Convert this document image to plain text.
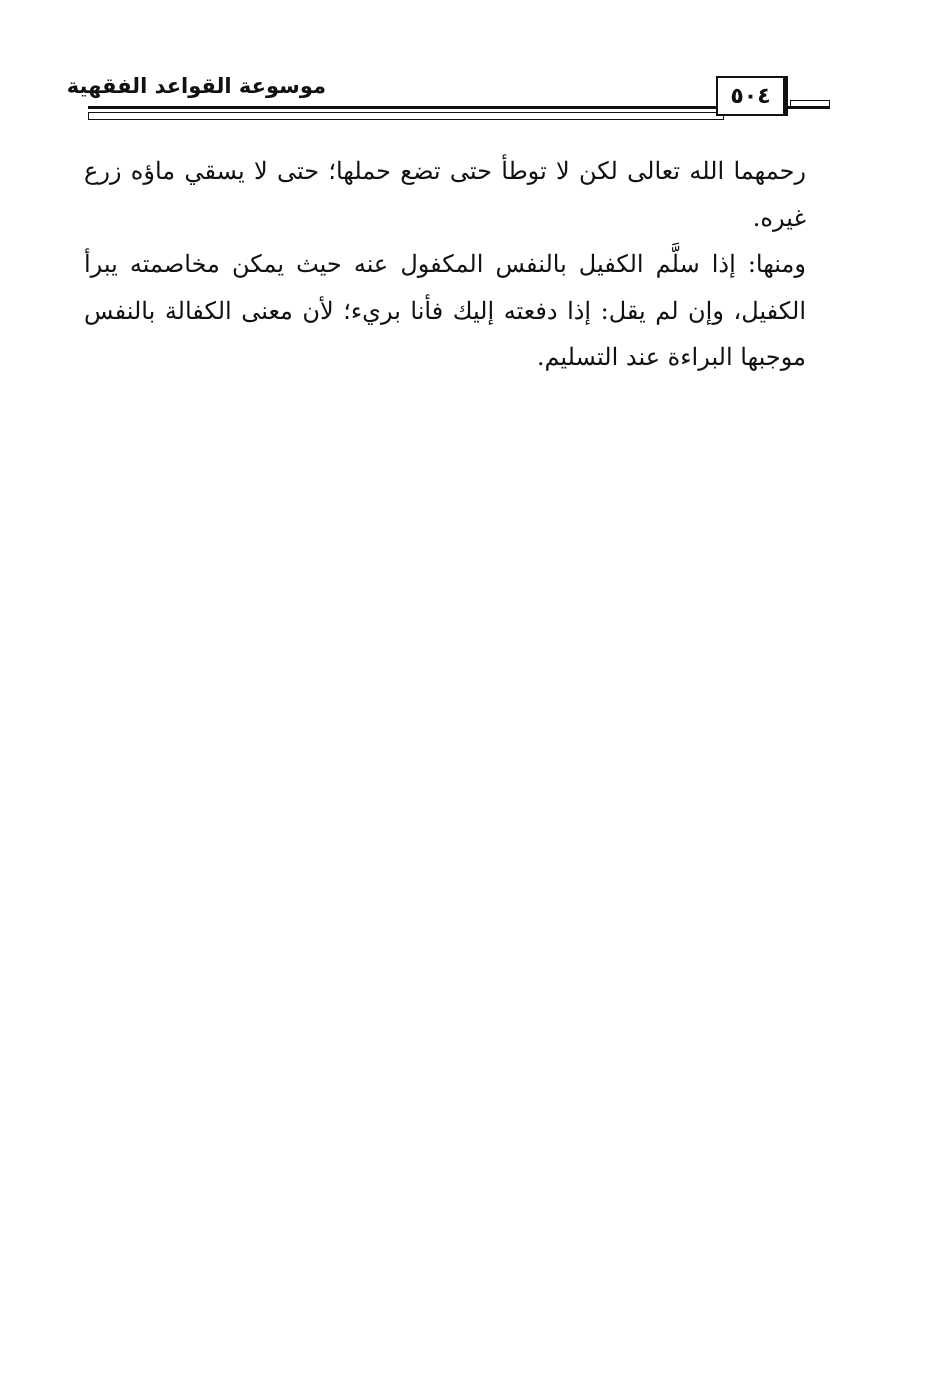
موسوعة القواعد الفقهية	٥٠٤

رحمهما الله تعالى لكن لا توطأ حتى تضع حملها؛ حتى لا يسقي ماؤه زرع غيره.

ومنها: إذا سلَّم الكفيل بالنفس المكفول عنه حيث يمكن مخاصمته يبرأ الكفيل، وإن لم يقل: إذا دفعته إليك فأنا بريء؛ لأن معنى الكفالة بالنفس موجبها البراءة عند التسليم.
